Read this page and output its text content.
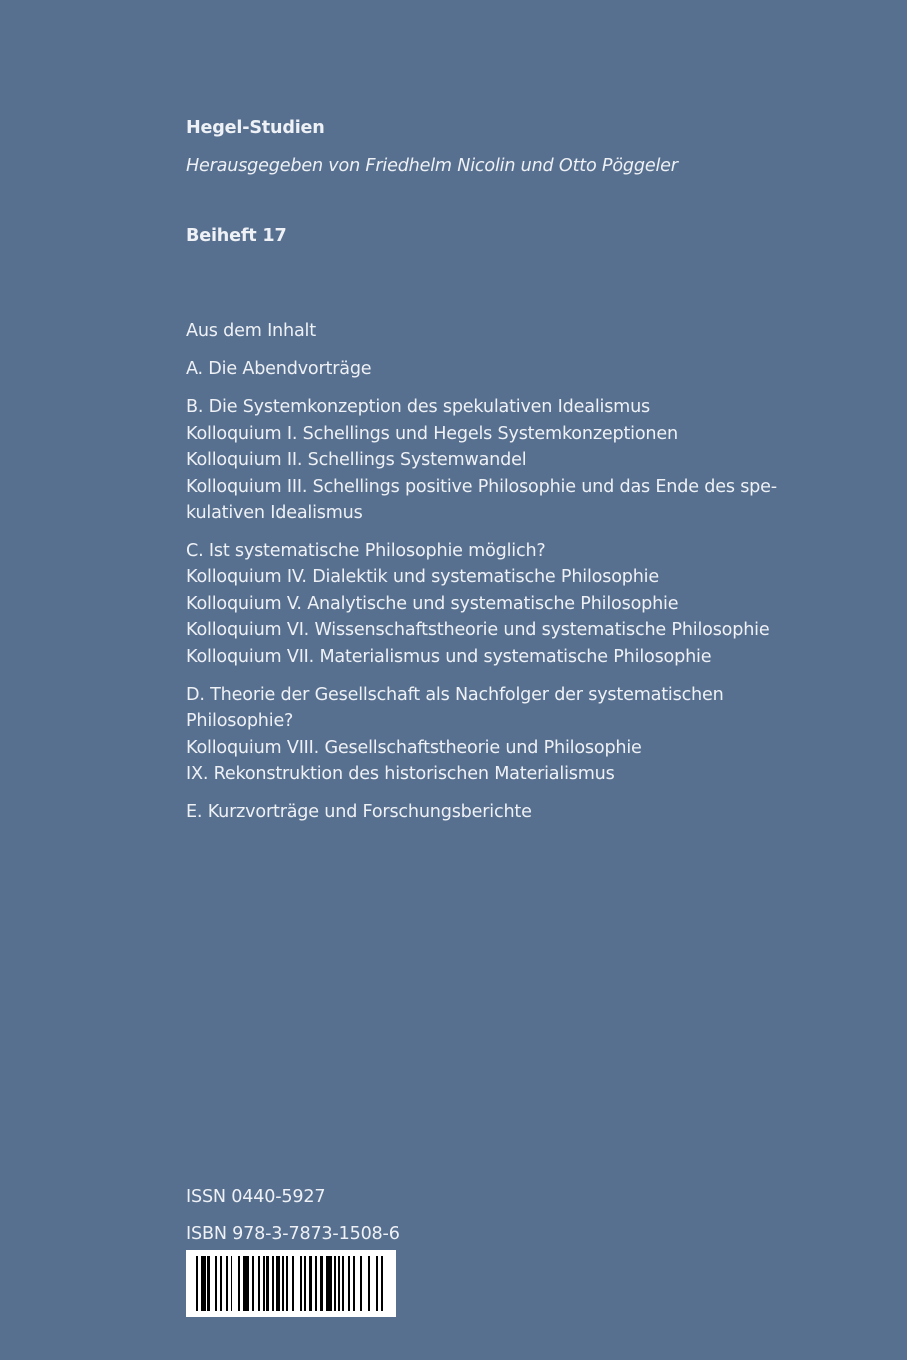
Hegel-Studien
Herausgegeben von Friedhelm Nicolin und Otto Pöggeler
Beiheft 17
Aus dem Inhalt
A. Die Abendvorträge
B. Die Systemkonzeption des spekulativen Idealismus
Kolloquium I. Schellings und Hegels Systemkonzeptionen
Kolloquium II. Schellings Systemwandel
Kolloquium III. Schellings positive Philosophie und das Ende des spe-
kulativen Idealismus
C. Ist systematische Philosophie möglich?
Kolloquium IV. Dialektik und systematische Philosophie
Kolloquium V. Analytische und systematische Philosophie
Kolloquium VI. Wissenschaftstheorie und systematische Philosophie
Kolloquium VII. Materialismus und systematische Philosophie
D. Theorie der Gesellschaft als Nachfolger der systematischen
Philosophie?
Kolloquium VIII. Gesellschaftstheorie und Philosophie
IX. Rekonstruktion des historischen Materialismus
E. Kurzvorträge und Forschungsberichte
ISSN 0440-5927
ISBN 978-3-7873-1508-6
